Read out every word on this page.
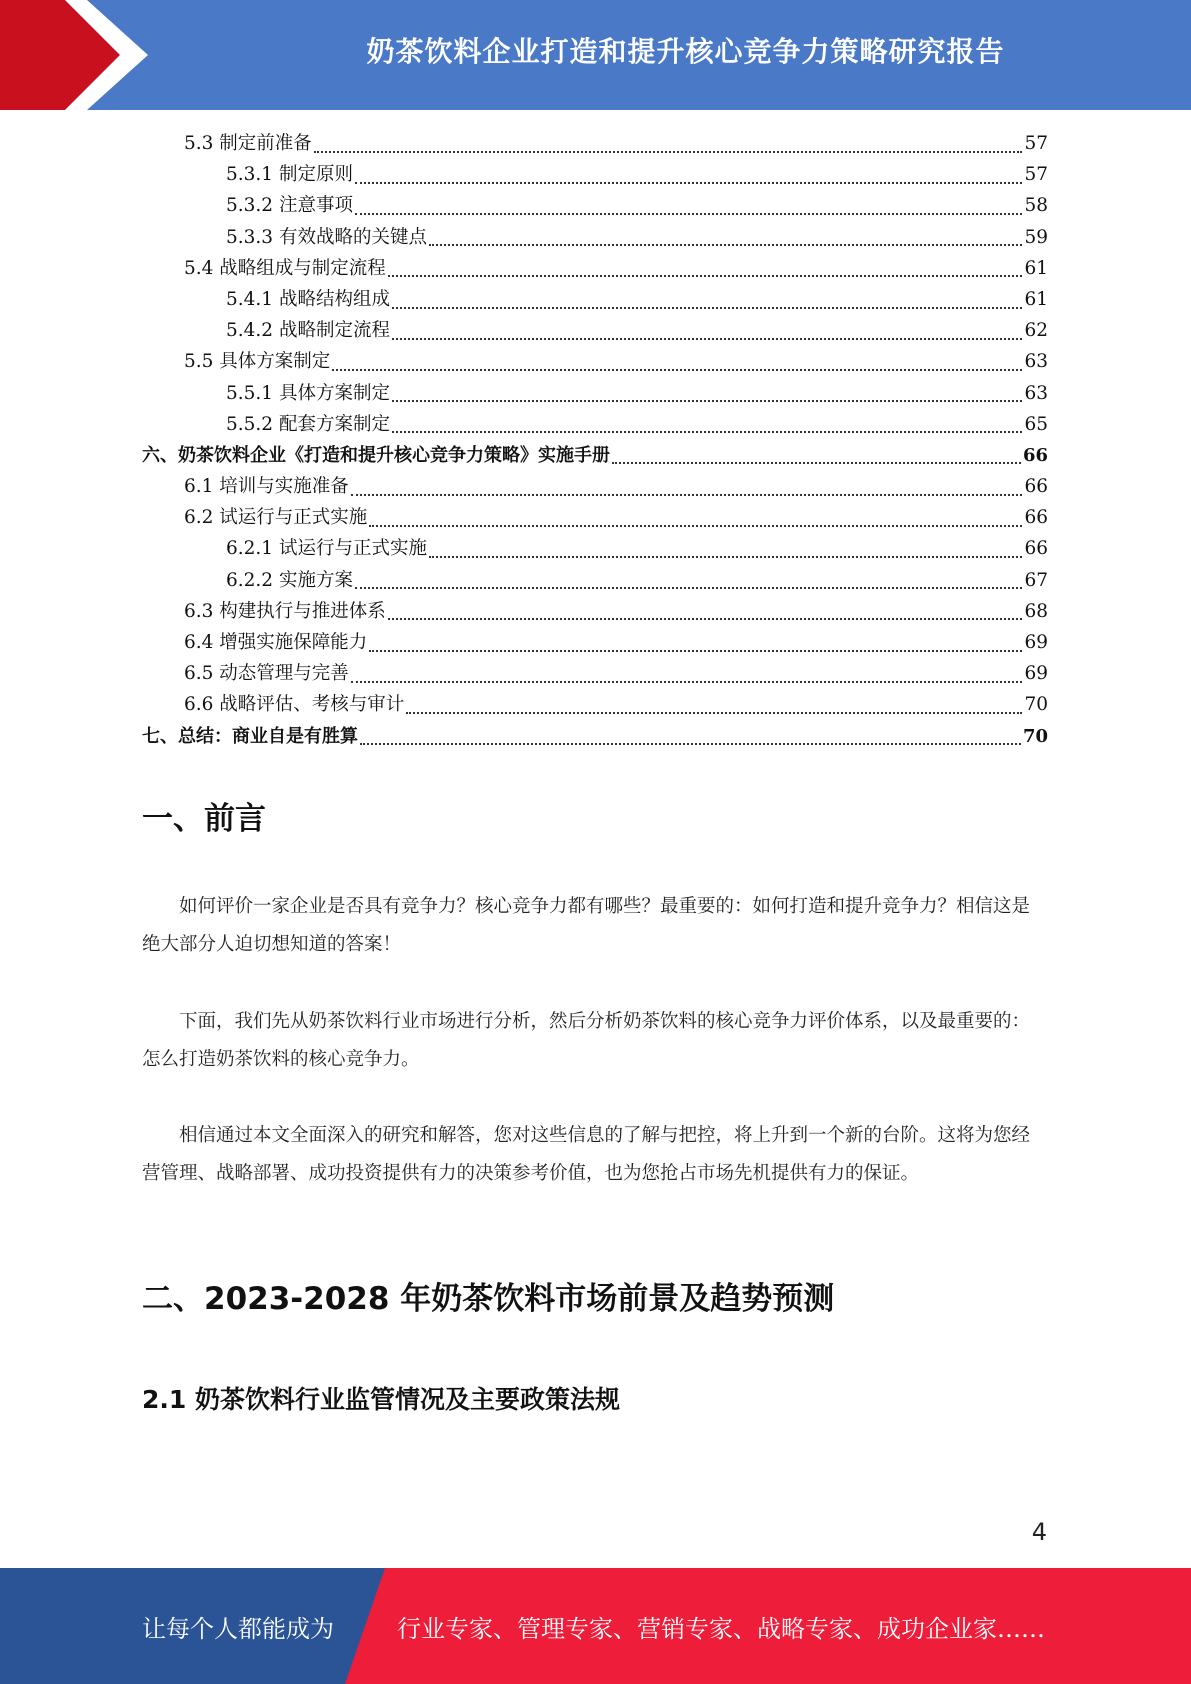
奶茶饮料企业打造和提升核心竞争力策略研究报告
5.3 制定前准备	57
5.3.1 制定原则	57
5.3.2 注意事项	58
5.3.3 有效战略的关键点	59
5.4 战略组成与制定流程	61
5.4.1 战略结构组成	61
5.4.2 战略制定流程	62
5.5 具体方案制定	63
5.5.1 具体方案制定	63
5.5.2 配套方案制定	65
六、奶茶饮料企业《打造和提升核心竞争力策略》实施手册	66
6.1 培训与实施准备	66
6.2 试运行与正式实施	66
6.2.1 试运行与正式实施	66
6.2.2 实施方案	67
6.3 构建执行与推进体系	68
6.4 增强实施保障能力	69
6.5 动态管理与完善	69
6.6 战略评估、考核与审计	70
七、总结：商业自是有胜算	70
一、前言
如何评价一家企业是否具有竞争力？核心竞争力都有哪些？最重要的：如何打造和提升竞争力？相信这是绝大部分人迫切想知道的答案！
下面，我们先从奶茶饮料行业市场进行分析，然后分析奶茶饮料的核心竞争力评价体系，以及最重要的：怎么打造奶茶饮料的核心竞争力。
相信通过本文全面深入的研究和解答，您对这些信息的了解与把控，将上升到一个新的台阶。这将为您经营管理、战略部署、成功投资提供有力的决策参考价值，也为您抢占市场先机提供有力的保证。
二、2023-2028 年奶茶饮料市场前景及趋势预测
2.1 奶茶饮料行业监管情况及主要政策法规
4
让每个人都能成为	行业专家、管理专家、营销专家、战略专家、成功企业家……
